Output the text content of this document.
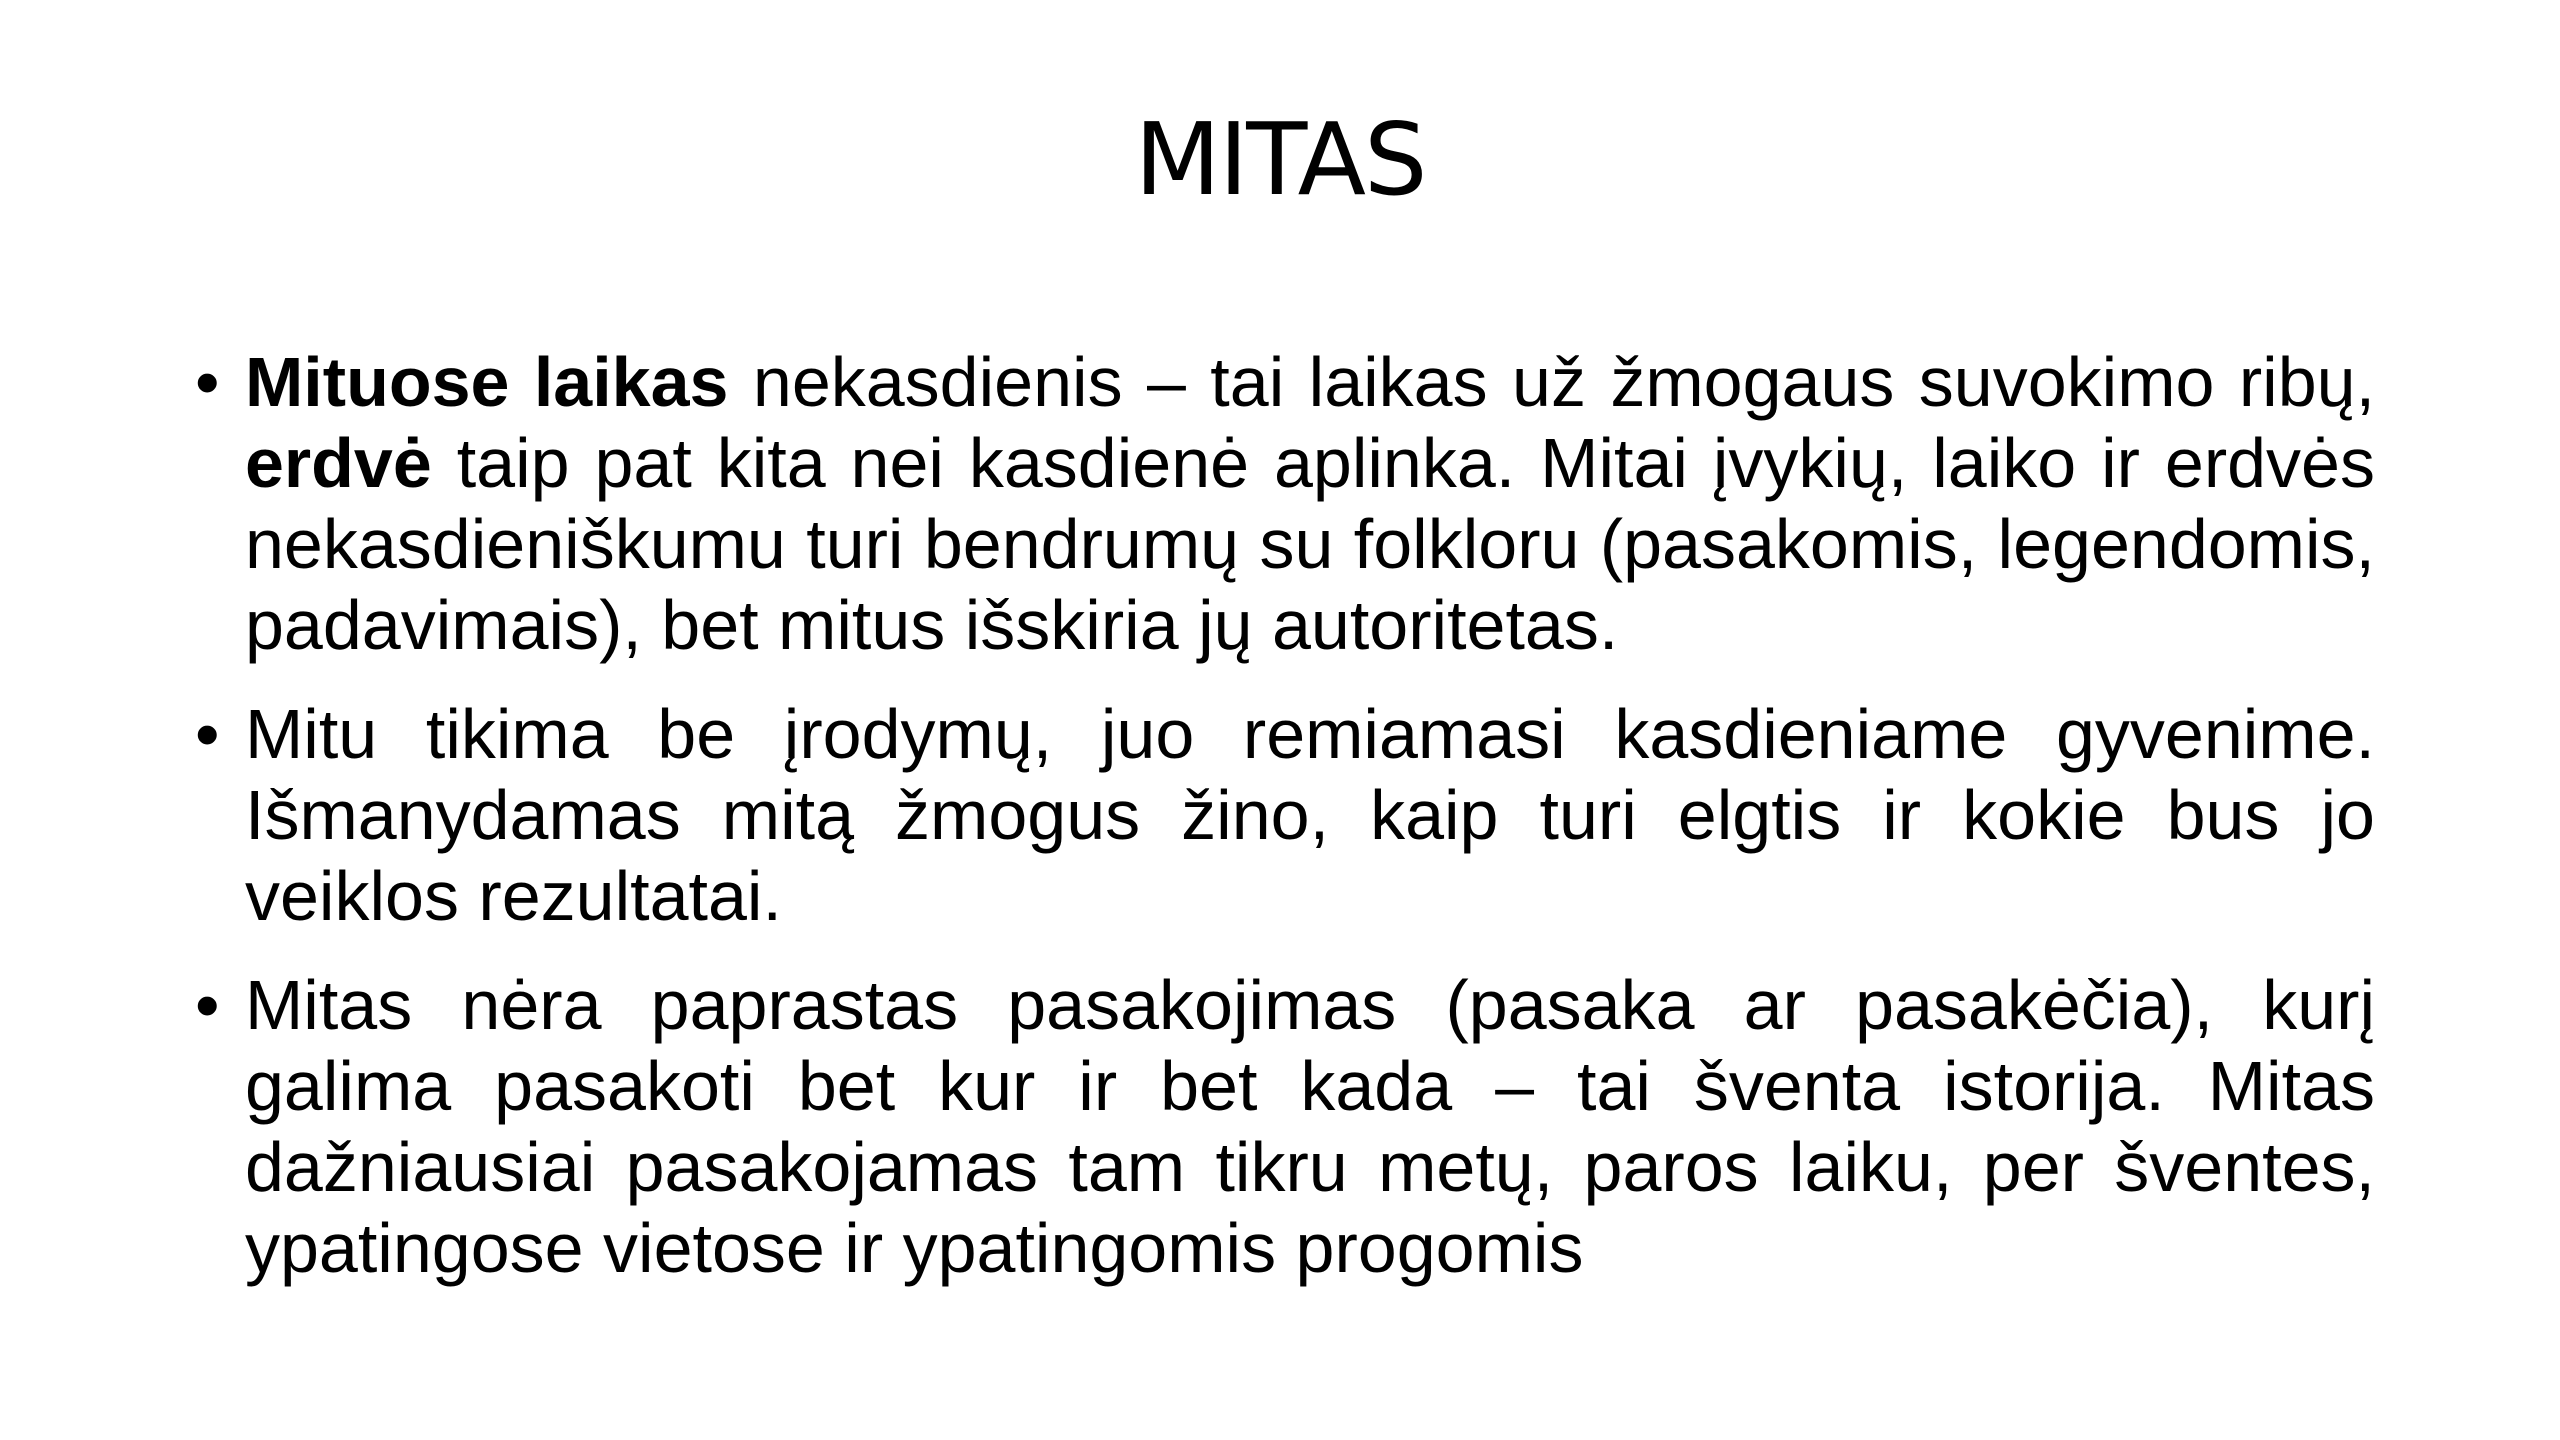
MITAS
• Mituose laikas nekasdienis – tai laikas už žmogaus suvokimo ribų, erdvė taip pat kita nei kasdienė aplinka. Mitai įvykių, laiko ir erdvės nekasdieniškumu turi bendrumų su folkloru (pasakomis, legendomis, padavimais), bet mitus išskiria jų autoritetas.
• Mitu tikima be įrodymų, juo remiamasi kasdieniame gyvenime. Išmanydamas mitą žmogus žino, kaip turi elgtis ir kokie bus jo veiklos rezultatai.
• Mitas nėra paprastas pasakojimas (pasaka ar pasakėčia), kurį galima pasakoti bet kur ir bet kada – tai šventa istorija. Mitas dažniausiai pasakojamas tam tikru metų, paros laiku, per šventes, ypatingose vietose ir ypatingomis progomis
